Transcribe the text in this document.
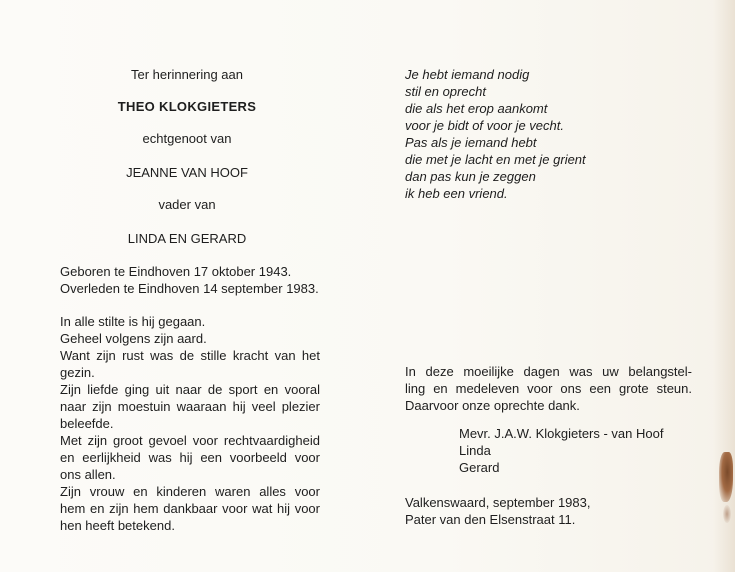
Ter herinnering aan
THEO KLOKGIETERS
echtgenoot van
JEANNE VAN HOOF
vader van
LINDA EN GERARD
Geboren te Eindhoven 17 oktober 1943.
Overleden te Eindhoven 14 september 1983.
In alle stilte is hij gegaan.
Geheel volgens zijn aard.
Want zijn rust was de stille kracht van het
gezin.
Zijn liefde ging uit naar de sport en vooral
naar zijn moestuin waaraan hij veel plezier
beleefde.
Met zijn groot gevoel voor rechtvaardigheid
en eerlijkheid was hij een voorbeeld voor
ons allen.
Zijn vrouw en kinderen waren alles voor
hem en zijn hem dankbaar voor wat hij voor
hen heeft betekend.
Je hebt iemand nodig
stil en oprecht
die als het erop aankomt
voor je bidt of voor je vecht.
Pas als je iemand hebt
die met je lacht en met je grient
dan pas kun je zeggen
ik heb een vriend.
In deze moeilijke dagen was uw belangstel-
ling en medeleven voor ons een grote steun.
Daarvoor onze oprechte dank.
Mevr. J.A.W. Klokgieters - van Hoof
Linda
Gerard
Valkenswaard, september 1983,
Pater van den Elsenstraat 11.
